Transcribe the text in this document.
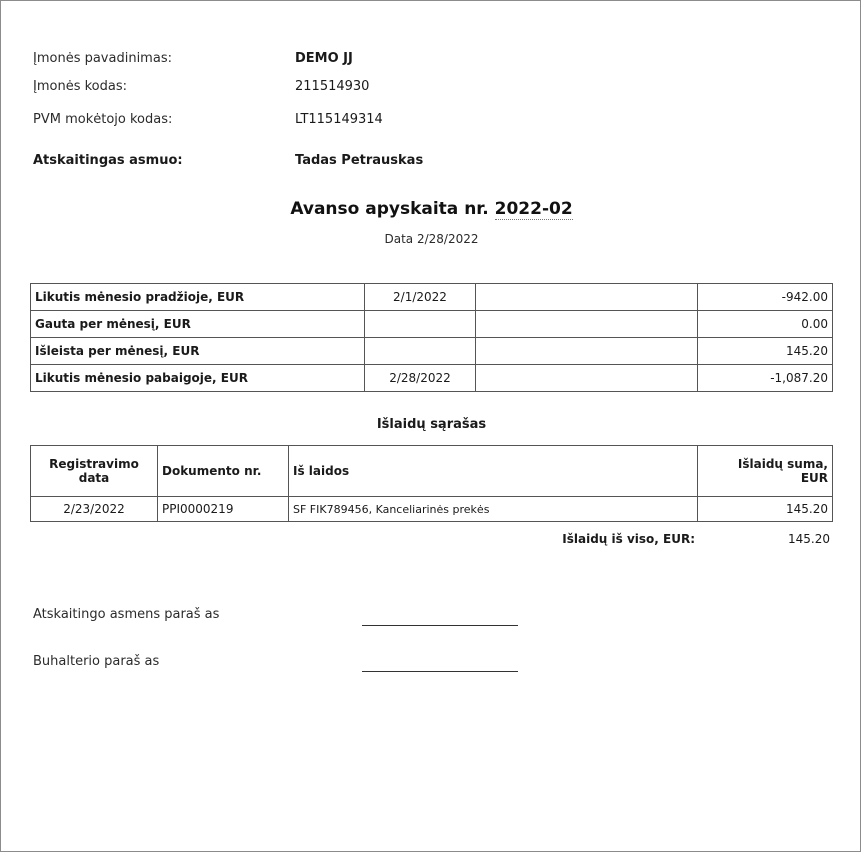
Įmonės pavadinimas:	DEMO JJ
Įmonės kodas:	211514930
PVM mokėtojo kodas:	LT115149314
Atskaitingas asmuo:	Tadas Petrauskas
Avanso apyskaita nr. 2022-02
Data 2/28/2022
Likutis mėnesio pradžioje, EUR	2/1/2022		-942.00
Gauta per mėnesį, EUR			0.00
Išleista per mėnesį, EUR			145.20
Likutis mėnesio pabaigoje, EUR	2/28/2022		-1,087.20
Išlaidų sąrašas
Registravimo
data	Dokumento nr.	Iš laidos	Išlaidų suma,
EUR
2/23/2022	PPI0000219	SF FIK789456, Kanceliarinės prekės	145.20
Išlaidų iš viso, EUR:	145.20
Atskaitingo asmens paraš as
Buhalterio paraš as
